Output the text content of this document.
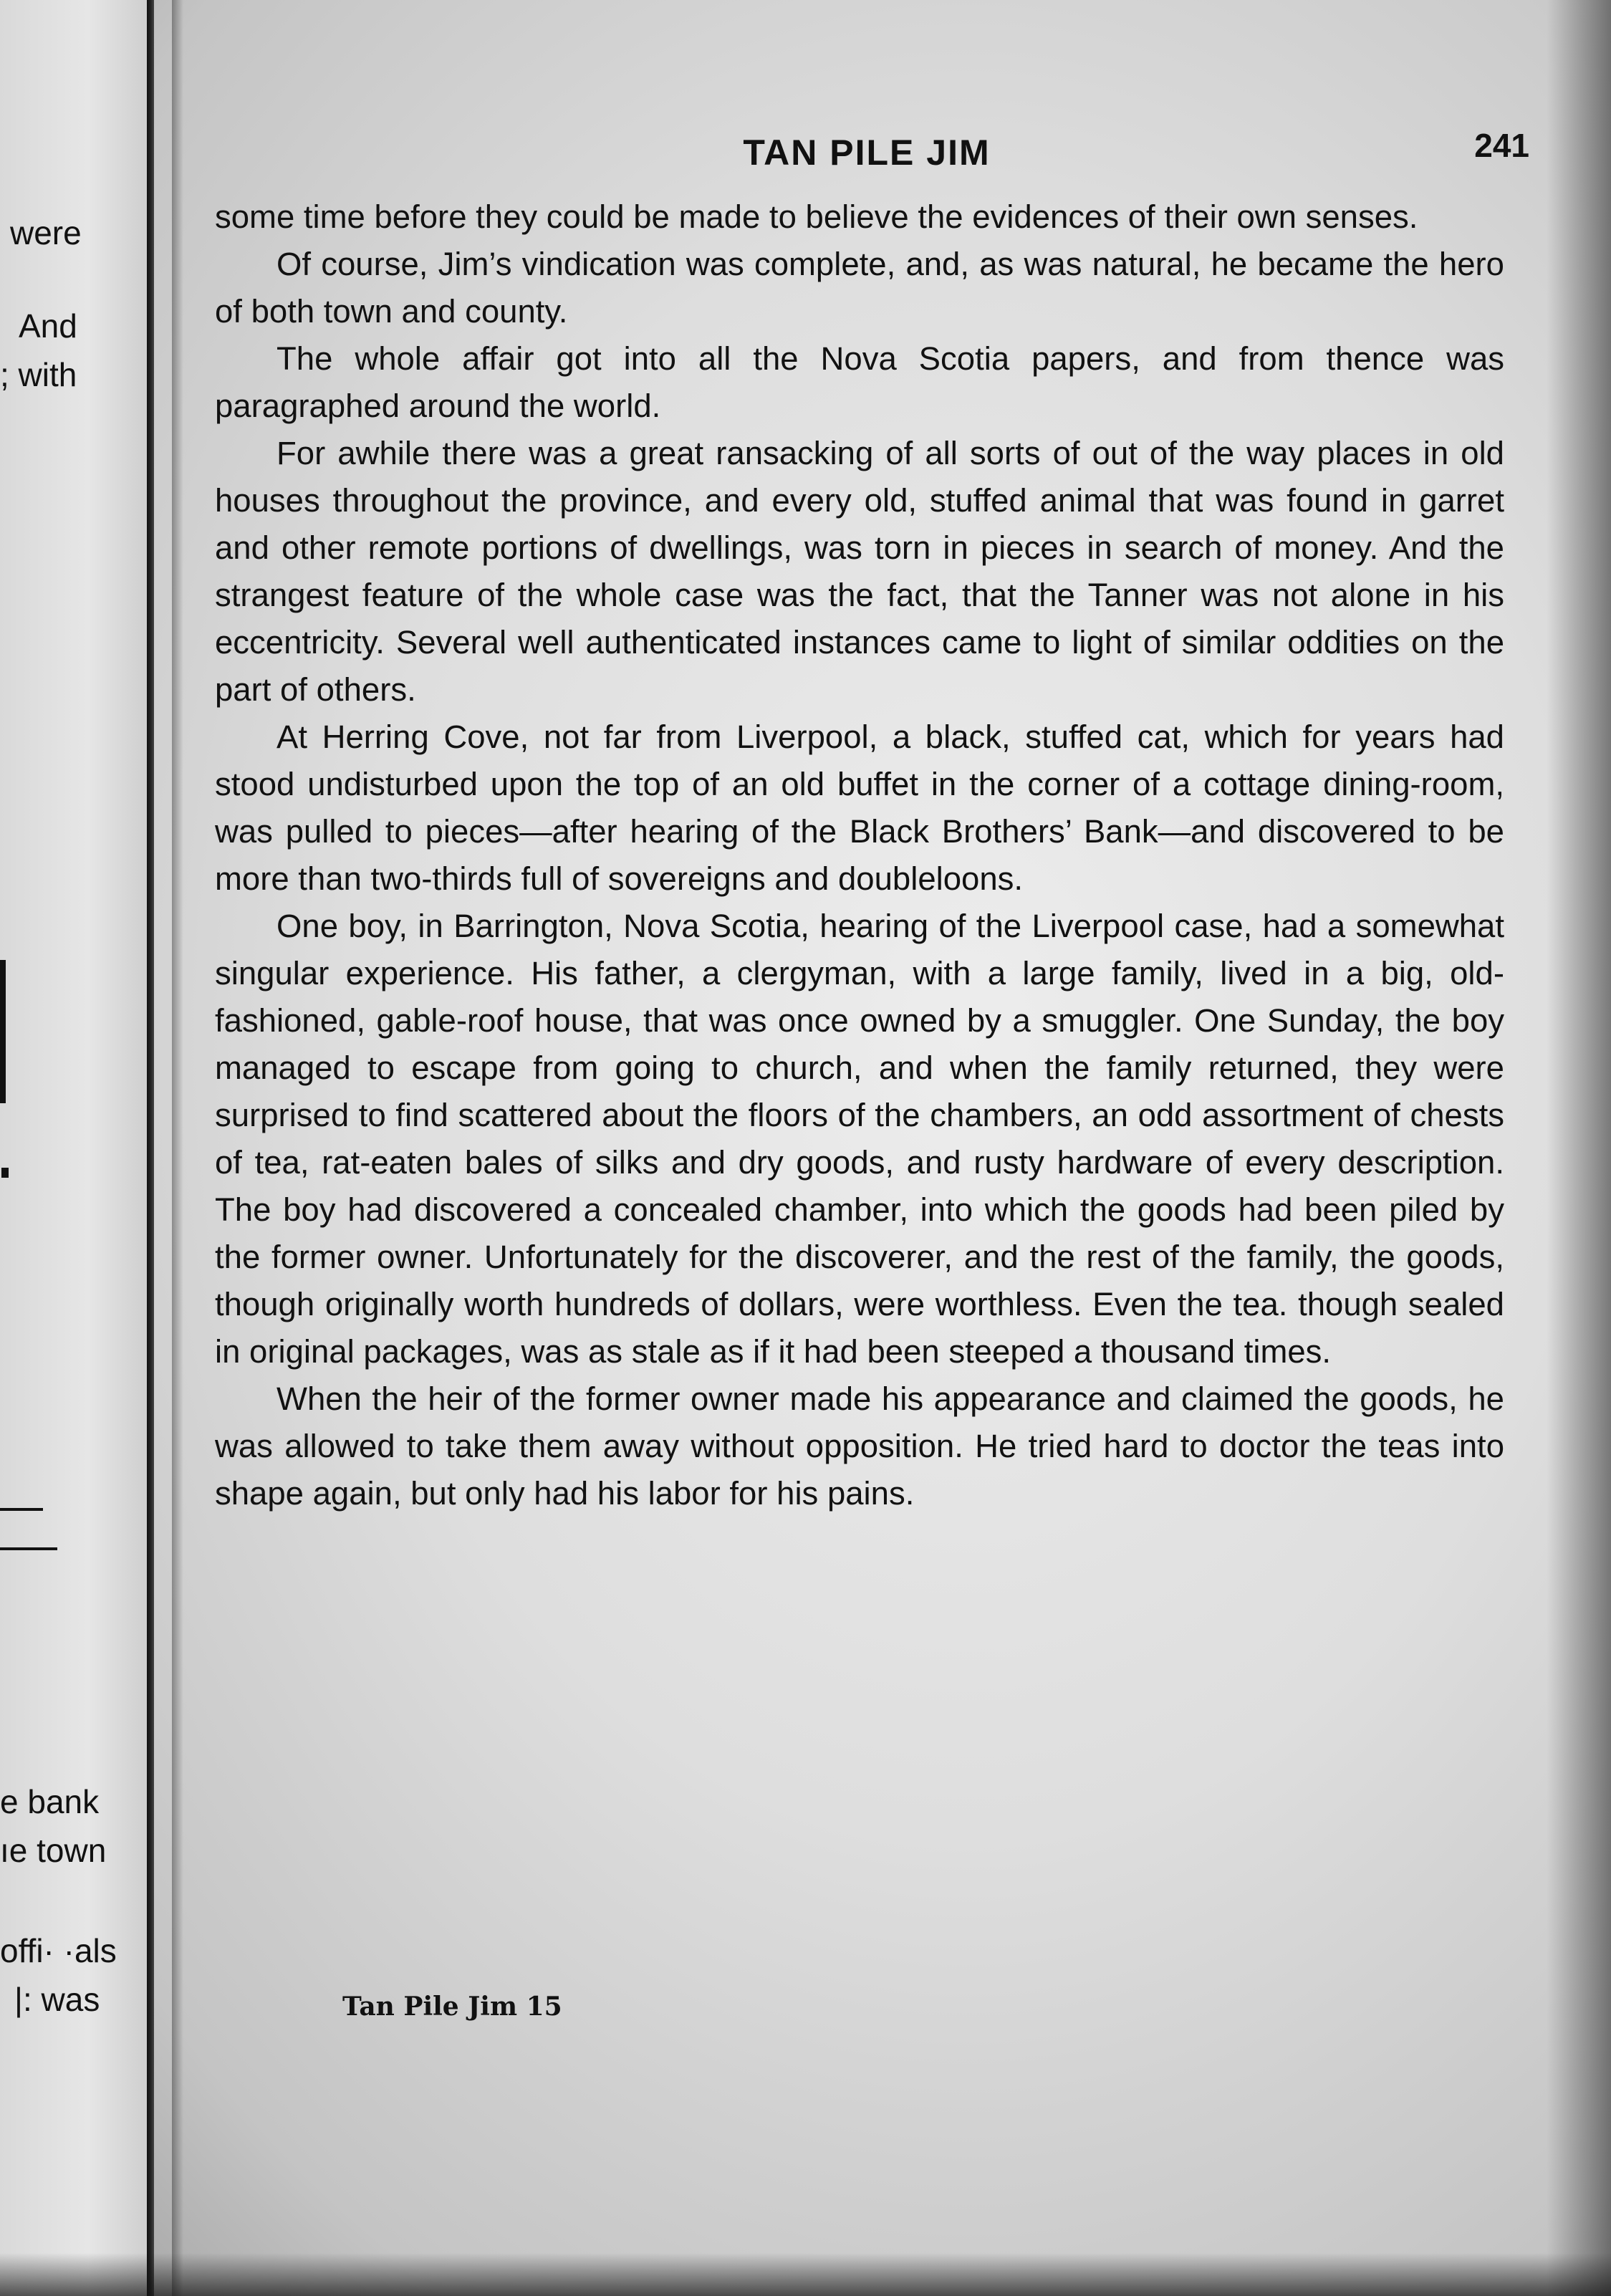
were
And
; with
e bank
ıe town
offi· ·als
|: was
TAN PILE JIM	241

some time before they could be made to believe the evidences of their own senses.

Of course, Jim’s vindication was complete, and, as was natural, he became the hero of both town and county.

The whole affair got into all the Nova Scotia papers, and from thence was paragraphed around the world.

For awhile there was a great ransacking of all sorts of out of the way places in old houses throughout the province, and every old, stuffed animal that was found in garret and other remote portions of dwellings, was torn in pieces in search of money. And the strangest feature of the whole case was the fact, that the Tanner was not alone in his eccentricity. Several well authenticated instances came to light of similar oddities on the part of others.

At Herring Cove, not far from Liverpool, a black, stuffed cat, which for years had stood undisturbed upon the top of an old buffet in the corner of a cottage dining-room, was pulled to pieces—after hearing of the Black Brothers’ Bank—and discovered to be more than two-thirds full of sovereigns and doubleloons.

One boy, in Barrington, Nova Scotia, hearing of the Liverpool case, had a somewhat singular experience. His father, a clergyman, with a large family, lived in a big, old-fashioned, gable-roof house, that was once owned by a smuggler. One Sunday, the boy managed to escape from going to church, and when the family returned, they were surprised to find scattered about the floors of the chambers, an odd assortment of chests of tea, rat-eaten bales of silks and dry goods, and rusty hardware of every description. The boy had discovered a concealed chamber, into which the goods had been piled by the former owner. Unfortunately for the discoverer, and the rest of the family, the goods, though originally worth hundreds of dollars, were worthless. Even the tea. though sealed in original packages, was as stale as if it had been steeped a thousand times.

When the heir of the former owner made his appearance and claimed the goods, he was allowed to take them away without opposition. He tried hard to doctor the teas into shape again, but only had his labor for his pains.

Tan Pile Jim 15
